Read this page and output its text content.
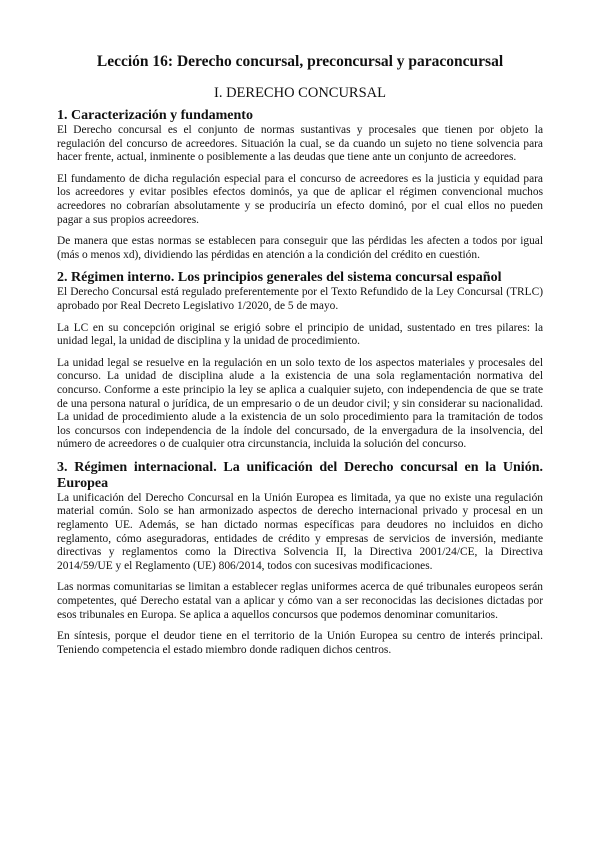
Lección 16: Derecho concursal, preconcursal y paraconcursal
I. DERECHO CONCURSAL
1. Caracterización y fundamento

El Derecho concursal es el conjunto de normas sustantivas y procesales que tienen por objeto la regulación del concurso de acreedores. Situación la cual, se da cuando un sujeto no tiene solvencia para hacer frente, actual, inminente o posiblemente a las deudas que tiene ante un conjunto de acreedores.

El fundamento de dicha regulación especial para el concurso de acreedores es la justicia y equidad para los acreedores y evitar posibles efectos dominós, ya que de aplicar el régimen convencional muchos acreedores no cobrarían absolutamente y se produciría un efecto dominó, por el cual ellos no pueden pagar a sus propios acreedores.

De manera que estas normas se establecen para conseguir que las pérdidas les afecten a todos por igual (más o menos xd), dividiendo las pérdidas en atención a la condición del crédito en cuestión.

2. Régimen interno. Los principios generales del sistema concursal español

El Derecho Concursal está regulado preferentemente por el Texto Refundido de la Ley Concursal (TRLC) aprobado por Real Decreto Legislativo 1/2020, de 5 de mayo.

La LC en su concepción original se erigió sobre el principio de unidad, sustentado en tres pilares: la unidad legal, la unidad de disciplina y la unidad de procedimiento.

La unidad legal se resuelve en la regulación en un solo texto de los aspectos materiales y procesales del concurso. La unidad de disciplina alude a la existencia de una sola reglamentación normativa del concurso. Conforme a este principio la ley se aplica a cualquier sujeto, con independencia de que se trate de una persona natural o jurídica, de un empresario o de un deudor civil; y sin considerar su nacionalidad. La unidad de procedimiento alude a la existencia de un solo procedimiento para la tramitación de todos los concursos con independencia de la índole del concursado, de la envergadura de la insolvencia, del número de acreedores o de cualquier otra circunstancia, incluida la solución del concurso.

3. Régimen internacional. La unificación del Derecho concursal en la Unión. Europea

La unificación del Derecho Concursal en la Unión Europea es limitada, ya que no existe una regulación material común. Solo se han armonizado aspectos de derecho internacional privado y procesal en un reglamento UE. Además, se han dictado normas específicas para deudores no incluidos en dicho reglamento, cómo aseguradoras, entidades de crédito y empresas de servicios de inversión, mediante directivas y reglamentos como la Directiva Solvencia II, la Directiva 2001/24/CE, la Directiva 2014/59/UE y el Reglamento (UE) 806/2014, todos con sucesivas modificaciones.

Las normas comunitarias se limitan a establecer reglas uniformes acerca de qué tribunales europeos serán competentes, qué Derecho estatal van a aplicar y cómo van a ser reconocidas las decisiones dictadas por esos tribunales en Europa. Se aplica a aquellos concursos que podemos denominar comunitarios.

En síntesis, porque el deudor tiene en el territorio de la Unión Europea su centro de interés principal. Teniendo competencia el estado miembro donde radiquen dichos centros.
